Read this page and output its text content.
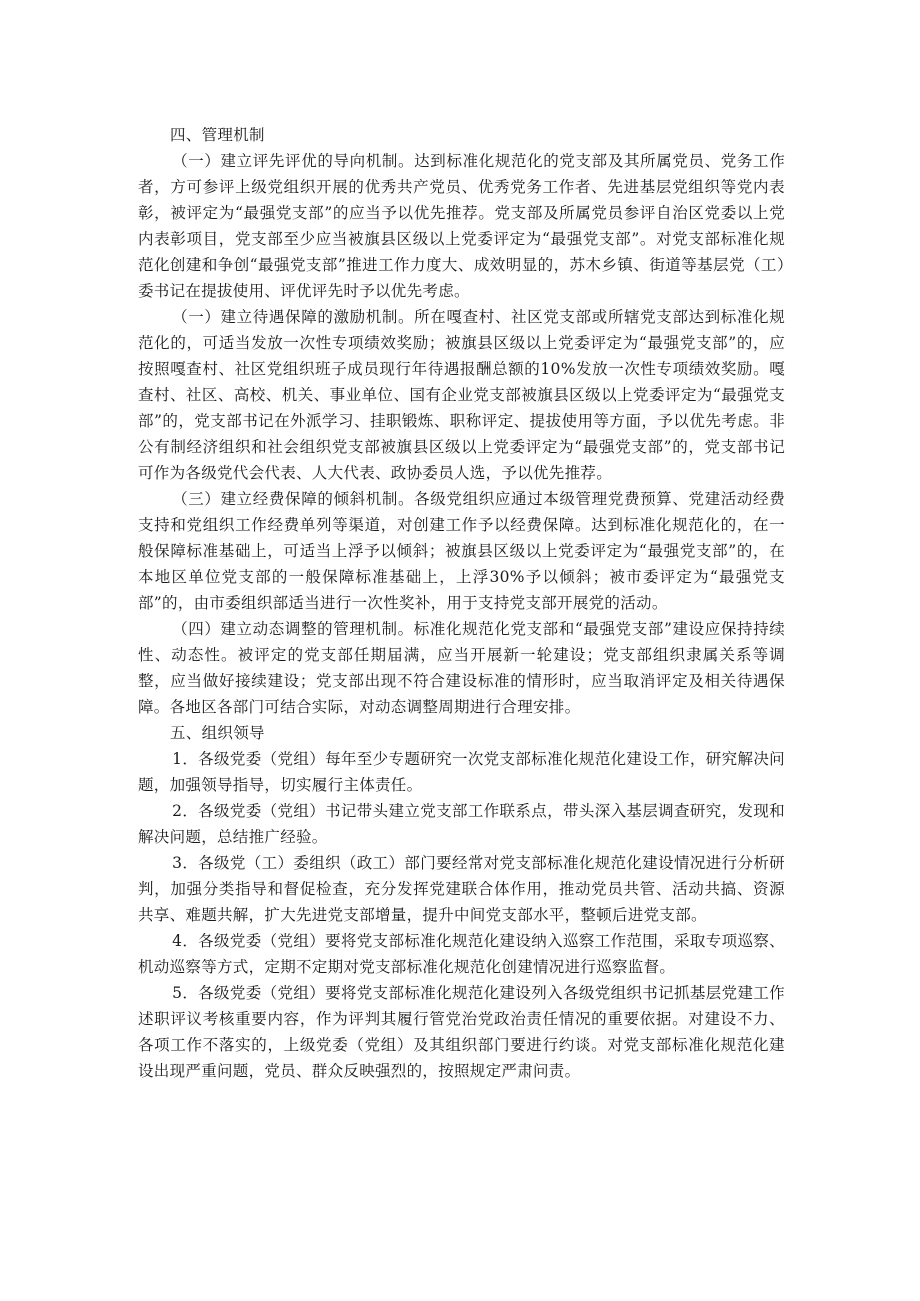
四、管理机制

（一）建立评先评优的导向机制。达到标准化规范化的党支部及其所属党员、党务工作者，方可参评上级党组织开展的优秀共产党员、优秀党务工作者、先进基层党组织等党内表彰，被评定为“最强党支部”的应当予以优先推荐。党支部及所属党员参评自治区党委以上党内表彰项目，党支部至少应当被旗县区级以上党委评定为“最强党支部”。对党支部标准化规范化创建和争创“最强党支部”推进工作力度大、成效明显的，苏木乡镇、街道等基层党（工）委书记在提拔使用、评优评先时予以优先考虑。

（一）建立待遇保障的激励机制。所在嘎查村、社区党支部或所辖党支部达到标准化规范化的，可适当发放一次性专项绩效奖励；被旗县区级以上党委评定为“最强党支部”的，应按照嘎查村、社区党组织班子成员现行年待遇报酬总额的10%发放一次性专项绩效奖励。嘎查村、社区、高校、机关、事业单位、国有企业党支部被旗县区级以上党委评定为“最强党支部”的，党支部书记在外派学习、挂职锻炼、职称评定、提拔使用等方面，予以优先考虑。非公有制经济组织和社会组织党支部被旗县区级以上党委评定为“最强党支部”的，党支部书记可作为各级党代会代表、人大代表、政协委员人选，予以优先推荐。

（三）建立经费保障的倾斜机制。各级党组织应通过本级管理党费预算、党建活动经费支持和党组织工作经费单列等渠道，对创建工作予以经费保障。达到标准化规范化的，在一般保障标准基础上，可适当上浮予以倾斜；被旗县区级以上党委评定为“最强党支部”的，在本地区单位党支部的一般保障标准基础上，上浮30%予以倾斜；被市委评定为“最强党支部”的，由市委组织部适当进行一次性奖补，用于支持党支部开展党的活动。

（四）建立动态调整的管理机制。标准化规范化党支部和“最强党支部”建设应保持持续性、动态性。被评定的党支部任期届满，应当开展新一轮建设；党支部组织隶属关系等调整，应当做好接续建设；党支部出现不符合建设标准的情形时，应当取消评定及相关待遇保障。各地区各部门可结合实际，对动态调整周期进行合理安排。

五、组织领导

1．各级党委（党组）每年至少专题研究一次党支部标准化规范化建设工作，研究解决问题，加强领导指导，切实履行主体责任。

2．各级党委（党组）书记带头建立党支部工作联系点，带头深入基层调查研究，发现和解决问题，总结推广经验。

3．各级党（工）委组织（政工）部门要经常对党支部标准化规范化建设情况进行分析研判，加强分类指导和督促检查，充分发挥党建联合体作用，推动党员共管、活动共搞、资源共享、难题共解，扩大先进党支部增量，提升中间党支部水平，整顿后进党支部。

4．各级党委（党组）要将党支部标准化规范化建设纳入巡察工作范围，采取专项巡察、机动巡察等方式，定期不定期对党支部标准化规范化创建情况进行巡察监督。

5．各级党委（党组）要将党支部标准化规范化建设列入各级党组织书记抓基层党建工作述职评议考核重要内容，作为评判其履行管党治党政治责任情况的重要依据。对建设不力、各项工作不落实的，上级党委（党组）及其组织部门要进行约谈。对党支部标准化规范化建设出现严重问题，党员、群众反映强烈的，按照规定严肃问责。
